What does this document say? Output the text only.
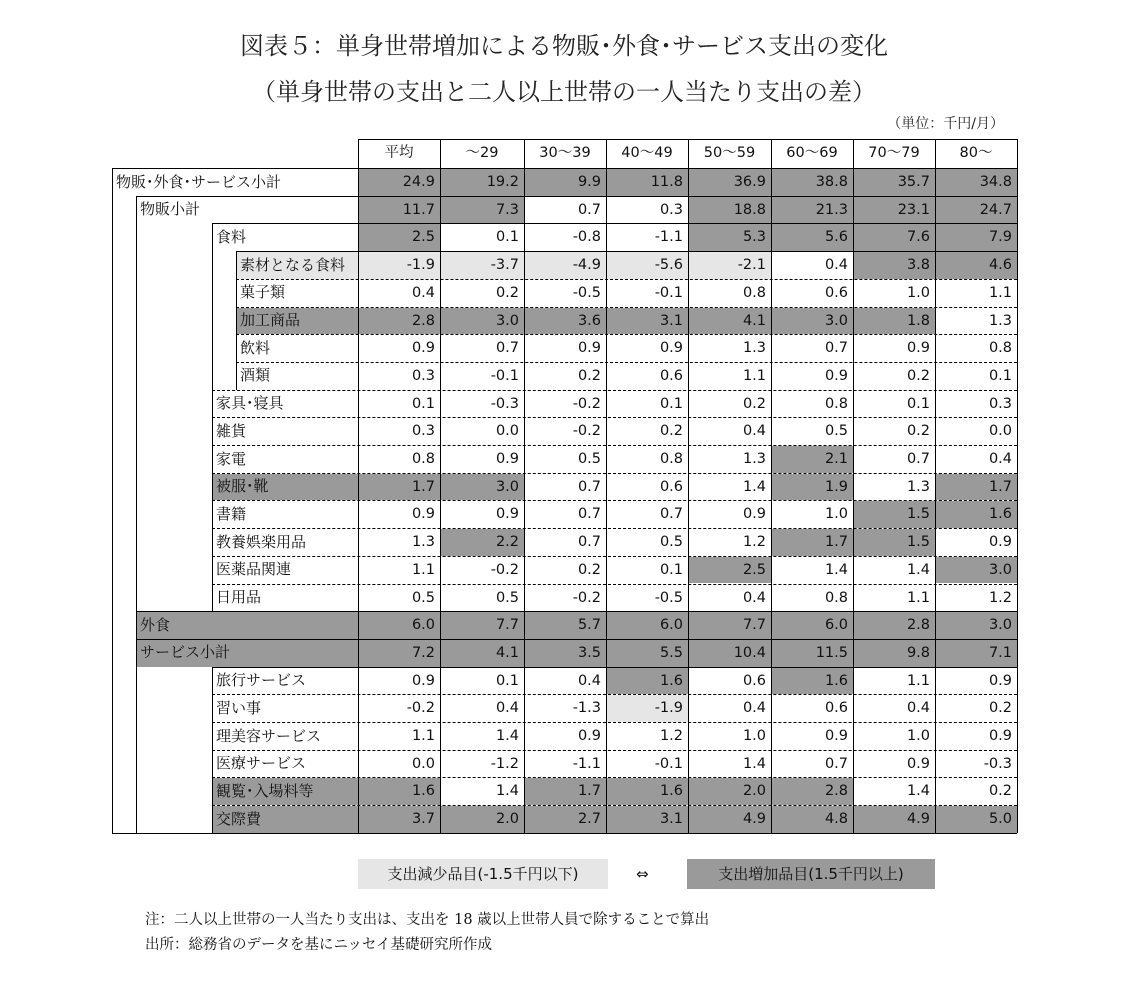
図表５：単身世帯増加による物販･外食･サービス支出の変化
（単身世帯の支出と二人以上世帯の一人当たり支出の差）
（単位：千円/月）
平均	～29	30～39	40～49	50～59	60～69	70～79	80～
物販･外食･サービス小計	24.9	19.2	9.9	11.8	36.9	38.8	35.7	34.8
物販小計	11.7	7.3	0.7	0.3	18.8	21.3	23.1	24.7
食料	2.5	0.1	-0.8	-1.1	5.3	5.6	7.6	7.9
素材となる食料	-1.9	-3.7	-4.9	-5.6	-2.1	0.4	3.8	4.6
菓子類	0.4	0.2	-0.5	-0.1	0.8	0.6	1.0	1.1
加工商品	2.8	3.0	3.6	3.1	4.1	3.0	1.8	1.3
飲料	0.9	0.7	0.9	0.9	1.3	0.7	0.9	0.8
酒類	0.3	-0.1	0.2	0.6	1.1	0.9	0.2	0.1
家具･寝具	0.1	-0.3	-0.2	0.1	0.2	0.8	0.1	0.3
雑貨	0.3	0.0	-0.2	0.2	0.4	0.5	0.2	0.0
家電	0.8	0.9	0.5	0.8	1.3	2.1	0.7	0.4
被服･靴	1.7	3.0	0.7	0.6	1.4	1.9	1.3	1.7
書籍	0.9	0.9	0.7	0.7	0.9	1.0	1.5	1.6
教養娯楽用品	1.3	2.2	0.7	0.5	1.2	1.7	1.5	0.9
医薬品関連	1.1	-0.2	0.2	0.1	2.5	1.4	1.4	3.0
日用品	0.5	0.5	-0.2	-0.5	0.4	0.8	1.1	1.2
外食	6.0	7.7	5.7	6.0	7.7	6.0	2.8	3.0
サービス小計	7.2	4.1	3.5	5.5	10.4	11.5	9.8	7.1
旅行サービス	0.9	0.1	0.4	1.6	0.6	1.6	1.1	0.9
習い事	-0.2	0.4	-1.3	-1.9	0.4	0.6	0.4	0.2
理美容サービス	1.1	1.4	0.9	1.2	1.0	0.9	1.0	0.9
医療サービス	0.0	-1.2	-1.1	-0.1	1.4	0.7	0.9	-0.3
観覧･入場料等	1.6	1.4	1.7	1.6	2.0	2.8	1.4	0.2
交際費	3.7	2.0	2.7	3.1	4.9	4.8	4.9	5.0
支出減少品目(-1.5千円以下)	⇔	支出増加品目(1.5千円以上)
注：二人以上世帯の一人当たり支出は、支出を 18 歳以上世帯人員で除することで算出
出所：総務省のデータを基にニッセイ基礎研究所作成
